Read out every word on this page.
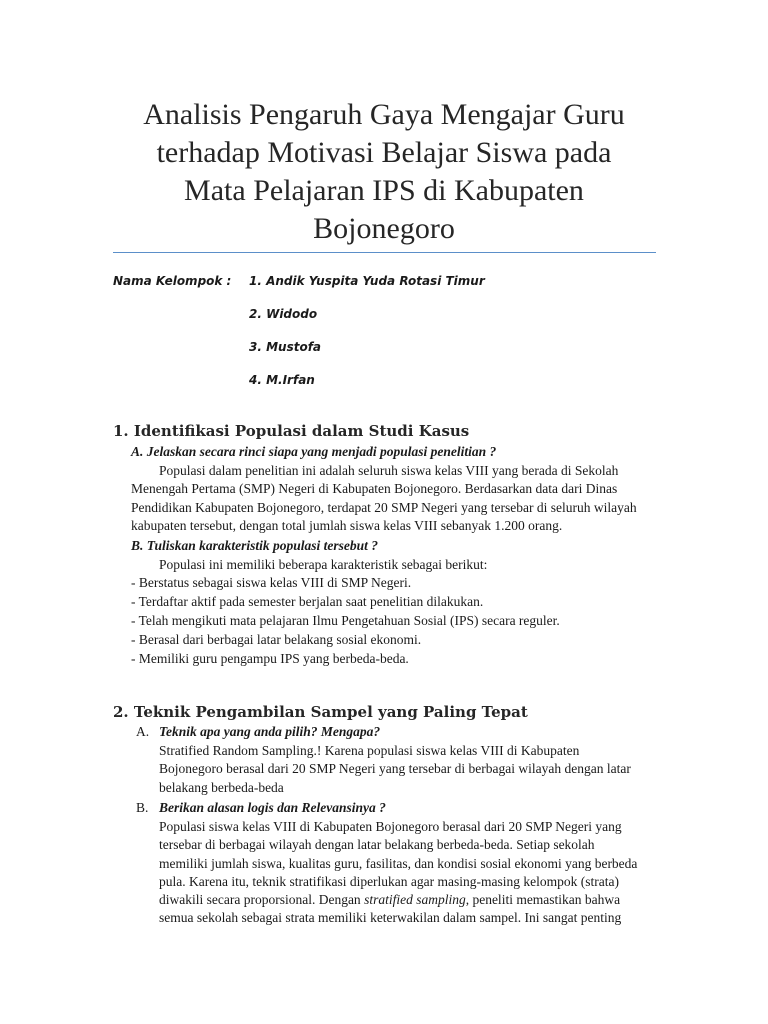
Analisis Pengaruh Gaya Mengajar Guru
terhadap Motivasi Belajar Siswa pada
Mata Pelajaran IPS di Kabupaten
Bojonegoro
Nama Kelompok : 1. Andik Yuspita Yuda Rotasi Timur
2. Widodo
3. Mustofa
4. M.Irfan
1. Identifikasi Populasi dalam Studi Kasus
A. Jelaskan secara rinci siapa yang menjadi populasi penelitian ?
Populasi dalam penelitian ini adalah seluruh siswa kelas VIII yang berada di Sekolah
Menengah Pertama (SMP) Negeri di Kabupaten Bojonegoro. Berdasarkan data dari Dinas
Pendidikan Kabupaten Bojonegoro, terdapat 20 SMP Negeri yang tersebar di seluruh wilayah
kabupaten tersebut, dengan total jumlah siswa kelas VIII sebanyak 1.200 orang.
B. Tuliskan karakteristik populasi tersebut ?
Populasi ini memiliki beberapa karakteristik sebagai berikut:
- Berstatus sebagai siswa kelas VIII di SMP Negeri.
- Terdaftar aktif pada semester berjalan saat penelitian dilakukan.
- Telah mengikuti mata pelajaran Ilmu Pengetahuan Sosial (IPS) secara reguler.
- Berasal dari berbagai latar belakang sosial ekonomi.
- Memiliki guru pengampu IPS yang berbeda-beda.
2. Teknik Pengambilan Sampel yang Paling Tepat
A. Teknik apa yang anda pilih? Mengapa?

Stratified Random Sampling.! Karena populasi siswa kelas VIII di Kabupaten

Bojonegoro berasal dari 20 SMP Negeri yang tersebar di berbagai wilayah dengan latar

belakang berbeda-beda

B. Berikan alasan logis dan Relevansinya ?

Populasi siswa kelas VIII di Kabupaten Bojonegoro berasal dari 20 SMP Negeri yang

tersebar di berbagai wilayah dengan latar belakang berbeda-beda. Setiap sekolah

memiliki jumlah siswa, kualitas guru, fasilitas, dan kondisi sosial ekonomi yang berbeda

pula. Karena itu, teknik stratifikasi diperlukan agar masing-masing kelompok (strata)

diwakili secara proporsional. Dengan stratified sampling, peneliti memastikan bahwa

semua sekolah sebagai strata memiliki keterwakilan dalam sampel. Ini sangat penting
